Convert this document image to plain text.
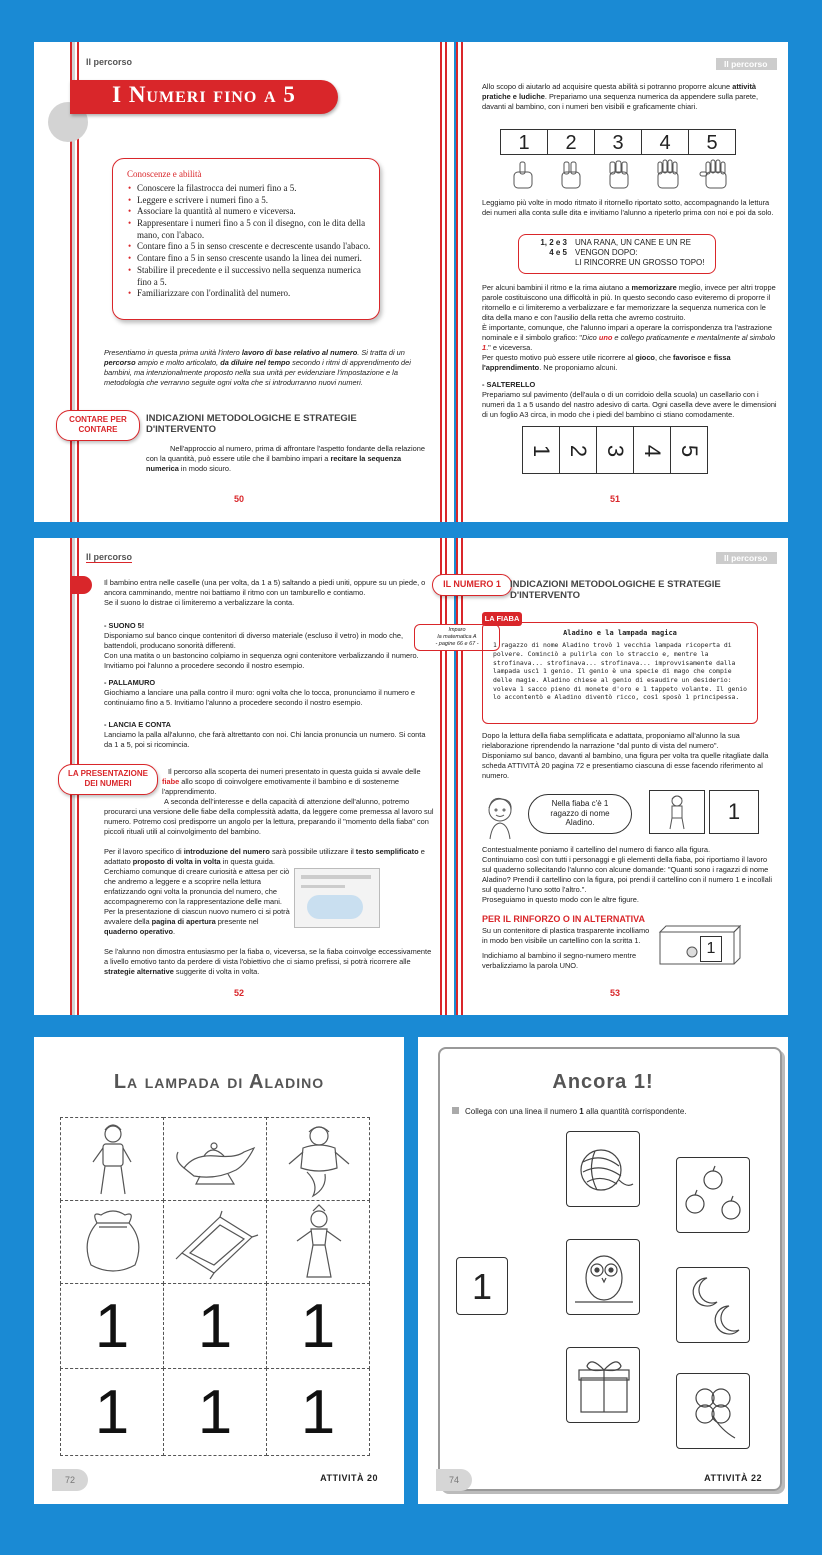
Il percorso
I Numeri fino a 5
Conoscenze e abilità
• Conoscere la filastrocca dei numeri fino a 5.
• Leggere e scrivere i numeri fino a 5.
• Associare la quantità al numero e viceversa.
• Rappresentare i numeri fino a 5 con il disegno, con le dita della mano, con l'abaco.
• Contare fino a 5 in senso crescente e decrescente usando l'abaco.
• Contare fino a 5 in senso crescente usando la linea dei numeri.
• Stabilire il precedente e il successivo nella sequenza numerica fino a 5.
• Familiarizzare con l'ordinalità del numero.
Presentiamo in questa prima unità l'intero lavoro di base relativo al numero. Si tratta di un percorso ampio e molto articolato, da diluire nel tempo secondo i ritmi di apprendimento dei bambini, ma intenzionalmente proposto nella sua unità per evidenziare l'impostazione e la metodologia che verranno seguite ogni volta che si introdurranno nuovi numeri.
CONTARE PER CONTARE
INDICAZIONI METODOLOGICHE E STRATEGIE D'INTERVENTO
Nell'approccio al numero, prima di affrontare l'aspetto fondante della relazione con la quantità, può essere utile che il bambino impari a recitare la sequenza numerica in modo sicuro.
50
Il percorso
Allo scopo di aiutarlo ad acquisire questa abilità si potranno proporre alcune attività pratiche e ludiche. Prepariamo una sequenza numerica da appendere sulla parete, davanti al bambino, con i numeri ben visibili e graficamente chiari.
1	2	3	4	5
Leggiamo più volte in modo ritmato il ritornello riportato sotto, accompagnando la lettura dei numeri alla conta sulle dita e invitiamo l'alunno a ripeterlo prima con noi e poi da solo.
1, 2 e 3 UNA RANA, UN CANE E UN RE
4 e 5 VENGON DOPO:
LI RINCORRE UN GROSSO TOPO!
Per alcuni bambini il ritmo e la rima aiutano a memorizzare meglio, invece per altri troppe parole costituiscono una difficoltà in più. In questo secondo caso eviteremo di proporre il ritornello e ci limiteremo a verbalizzare e far memorizzare la sequenza numerica con le dita della mano e con l'ausilio della retta che avremo costruito.
È importante, comunque, che l'alunno impari a operare la corrispondenza tra l'astrazione nominale e il simbolo grafico: "Dico uno e collego praticamente e mentalmente al simbolo 1." e viceversa.
Per questo motivo può essere utile ricorrere al gioco, che favorisce e fissa l'apprendimento. Ne proponiamo alcuni.
- SALTERELLO
Prepariamo sul pavimento (dell'aula o di un corridoio della scuola) un casellario con i numeri da 1 a 5 usando del nastro adesivo di carta. Ogni casella deve avere le dimensioni di un foglio A3 circa, in modo che i piedi del bambino ci stiano comodamente.
1 2 3 4 5
51
Il percorso
Il bambino entra nelle caselle (una per volta, da 1 a 5) saltando a piedi uniti, oppure su un piede, o ancora camminando, mentre noi battiamo il ritmo con un tamburello e contiamo.
Se il suono lo distrae ci limiteremo a verbalizzare la conta.
- SUONO 5!
Disponiamo sul banco cinque contenitori di diverso materiale (escluso il vetro) in modo che, battendoli, producano sonorità differenti.
Con una matita o un bastoncino colpiamo in sequenza ogni contenitore verbalizzando il numero. Invitiamo poi l'alunno a procedere secondo il nostro esempio.
- PALLAMURO
Giochiamo a lanciare una palla contro il muro: ogni volta che lo tocca, pronunciamo il numero e continuiamo fino a 5. Invitiamo l'alunno a procedere secondo il nostro esempio.
- LANCIA E CONTA
Lanciamo la palla all'alunno, che farà altrettanto con noi. Chi lancia pronuncia un numero. Si conta da 1 a 5, poi si ricomincia.
LA PRESENTAZIONE DEI NUMERI
Il percorso alla scoperta dei numeri presentato in questa guida si avvale delle fiabe allo scopo di coinvolgere emotivamente il bambino e di sostenerne l'apprendimento.
A seconda dell'interesse e della capacità di attenzione dell'alunno, potremo procurarci una versione delle fiabe della complessità adatta, da leggere come premessa al lavoro sul numero. Potremo così predisporre un angolo per la lettura, preparando il "momento della fiaba" con piccoli rituali utili al coinvolgimento del bambino.
Per il lavoro specifico di introduzione del numero sarà possibile utilizzare il testo semplificato e adattato proposto di volta in volta in questa guida.
Cerchiamo comunque di creare curiosità e attesa per ciò che andremo a leggere e a scoprire nella lettura enfatizzando ogni volta la pronuncia del numero, che accompagneremo con la rappresentazione delle mani. Per la presentazione di ciascun nuovo numero ci si potrà avvalere della pagina di apertura presente nel quaderno operativo.
Se l'alunno non dimostra entusiasmo per la fiaba o, viceversa, se la fiaba coinvolge eccessivamente a livello emotivo tanto da perdere di vista l'obiettivo che ci siamo prefissi, si potrà ricorrere alle strategie alternative suggerite di volta in volta.
52
Il percorso
IL NUMERO 1 INDICAZIONI METODOLOGICHE E STRATEGIE D'INTERVENTO
Imparo
la matematica A
- pagine 66 e 67 -
LA FIABA
Aladino e la lampada magica
1 ragazzo di nome Aladino trovò 1 vecchia lampada ricoperta di polvere. Cominciò a pulirla con lo straccio e, mentre la strofinava... strofinava... strofinava... improvvisamente dalla lampada uscì 1 genio. Il genio è una specie di mago che compie delle magie. Aladino chiese al genio di esaudire un desiderio: voleva 1 sacco pieno di monete d'oro e 1 tappeto volante. Il genio lo accontentò e Aladino diventò ricco, così sposò 1 principessa.
Dopo la lettura della fiaba semplificata e adattata, proponiamo all'alunno la sua rielaborazione riprendendo la narrazione "dal punto di vista del numero".
Disponiamo sul banco, davanti al bambino, una figura per volta tra quelle ritagliate dalla scheda ATTIVITÀ 20 pagina 72 e presentiamo ciascuna di esse facendo riferimento al numero.
Nella fiaba c'è 1 ragazzo di nome Aladino.	1
Contestualmente poniamo il cartellino del numero di fianco alla figura.
Continuiamo così con tutti i personaggi e gli elementi della fiaba, poi riportiamo il lavoro sul quaderno sollecitando l'alunno con alcune domande: "Quanti sono i ragazzi di nome Aladino? Prendi il cartellino con la figura, poi prendi il cartellino con il numero 1 e incollali sul quaderno l'uno sotto l'altro.".
Proseguiamo in questo modo con le altre figure.
PER IL RINFORZO O IN ALTERNATIVA
Su un contenitore di plastica trasparente incolliamo in modo ben visibile un cartellino con la scritta 1.
Indichiamo al bambino il segno-numero mentre verbalizziamo la parola UNO.
1
53
La lampada di Aladino
1	1	1
1	1	1
72	ATTIVITÀ 20
Ancora 1!
Collega con una linea il numero 1 alla quantità corrispondente.
1
74	ATTIVITÀ 22
